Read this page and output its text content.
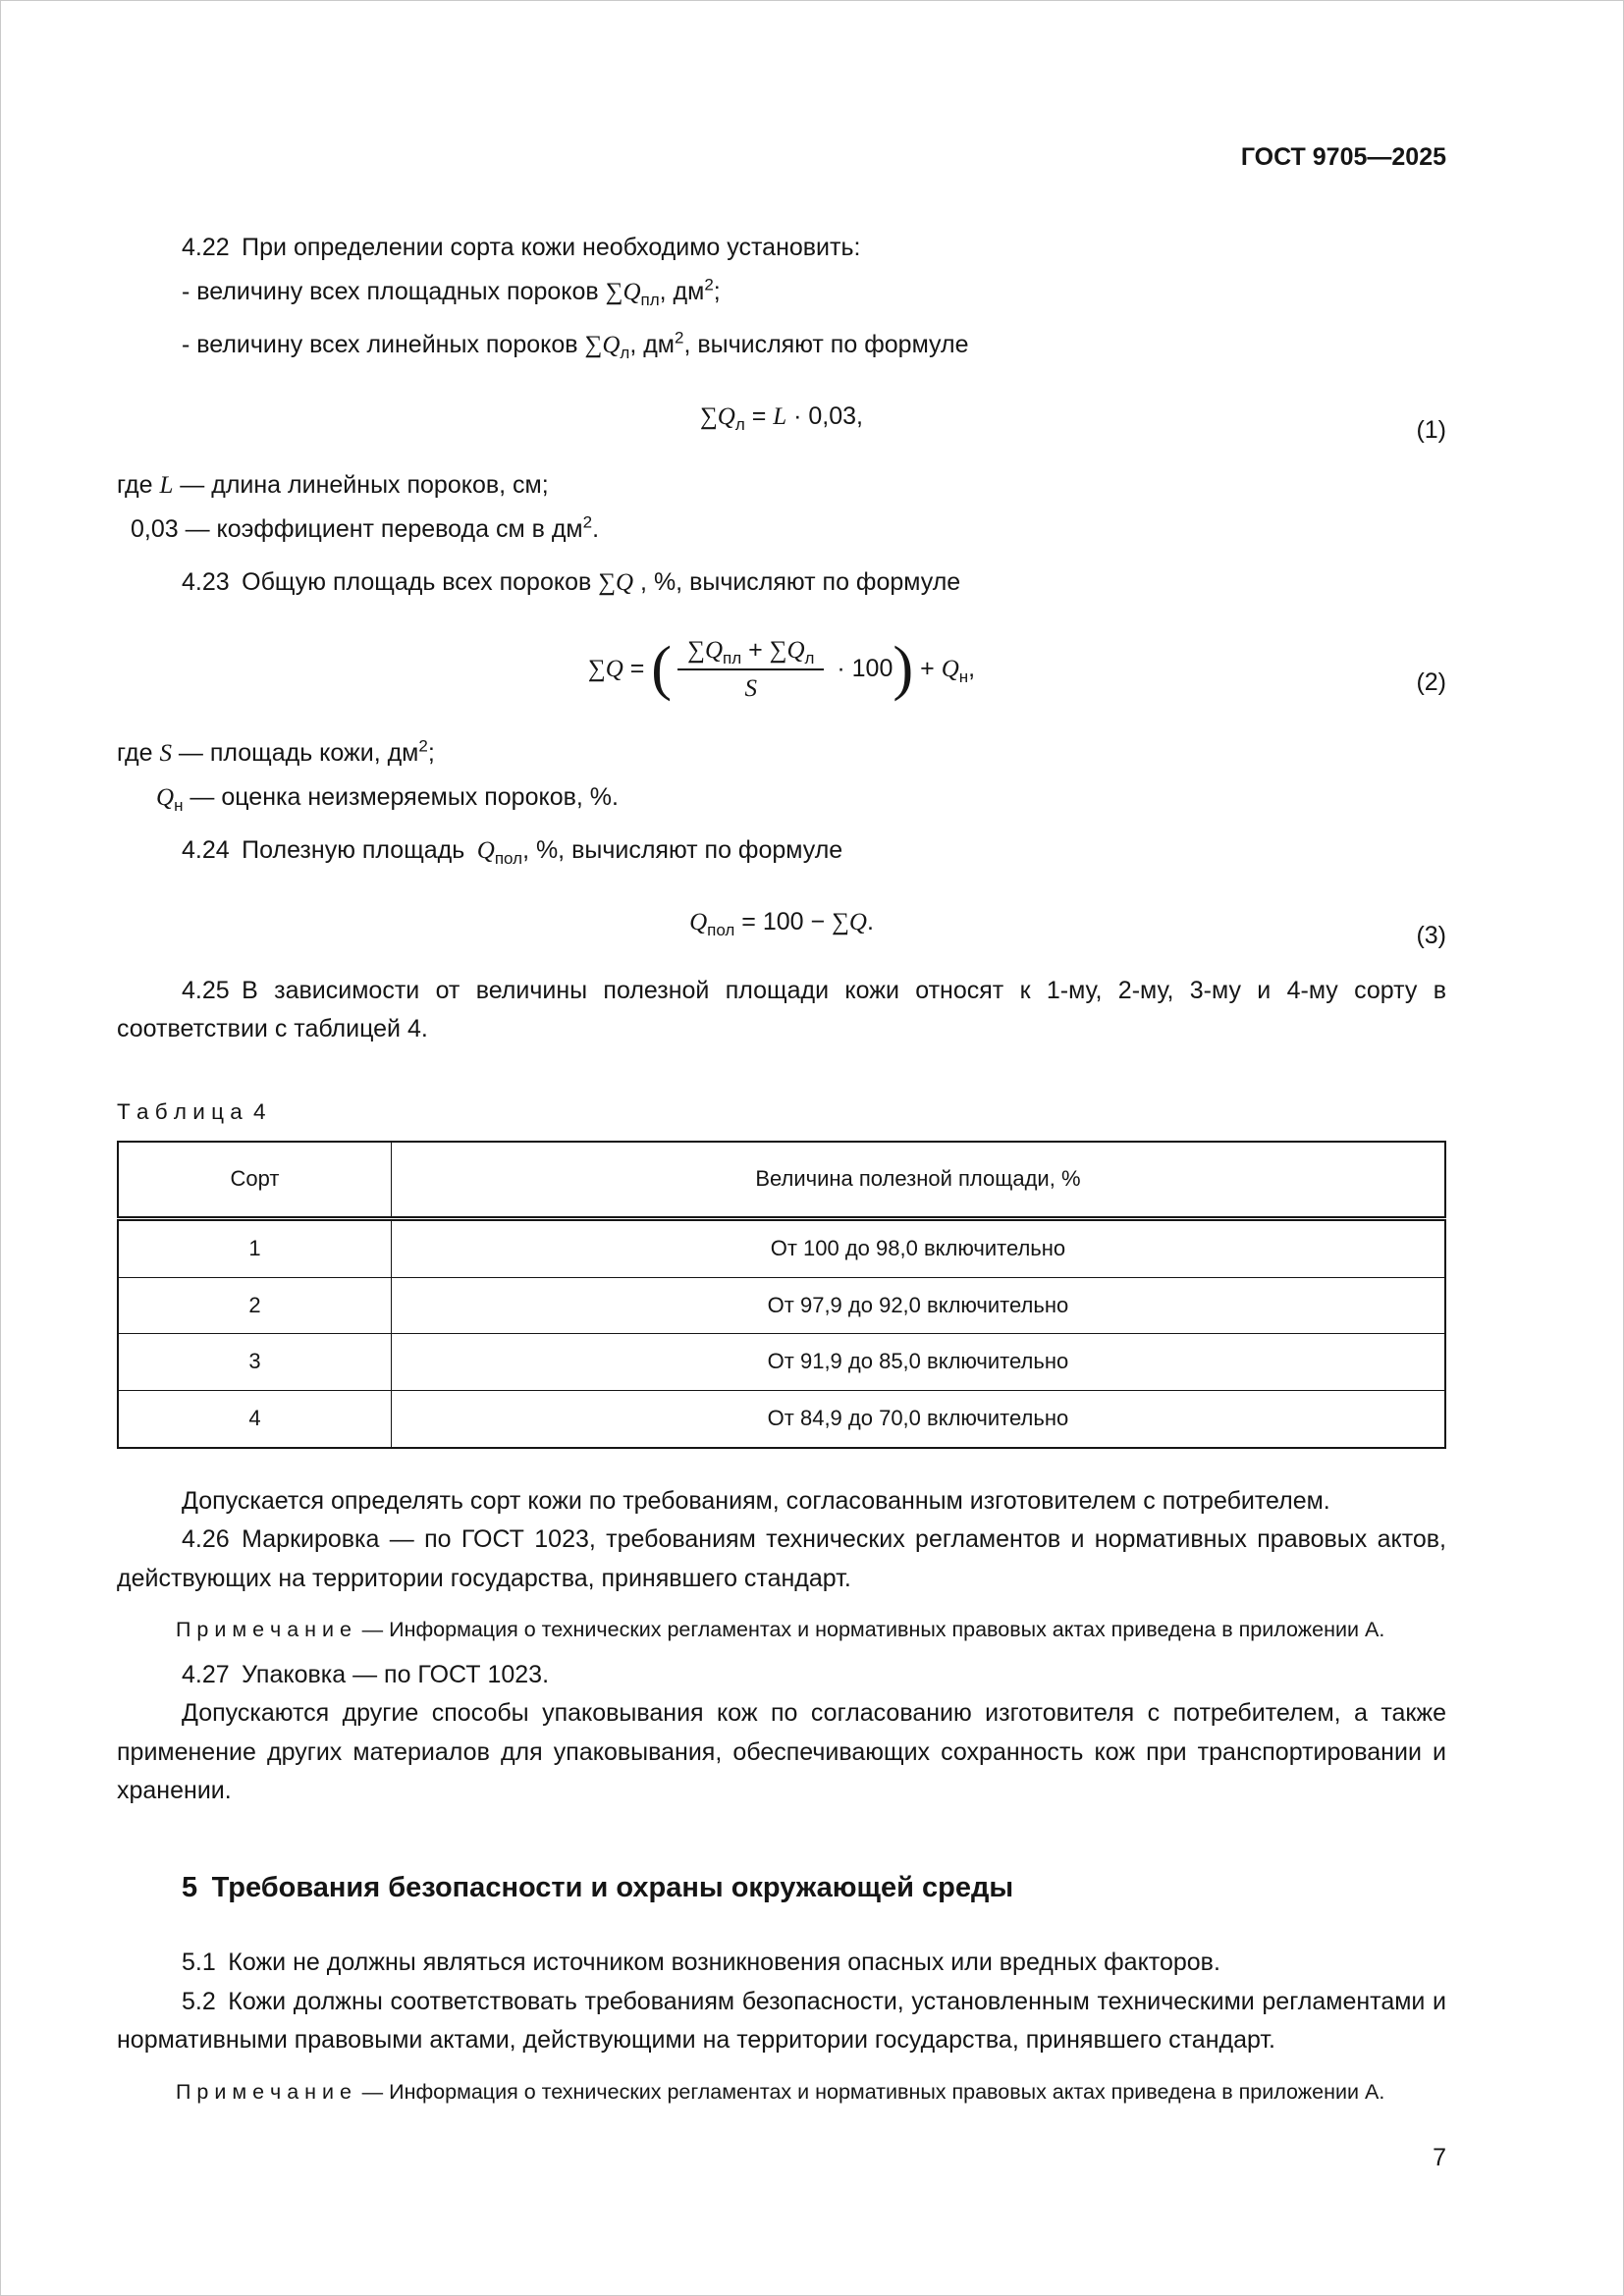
ГОСТ 9705—2025

4.22 При определении сорта кожи необходимо установить:

- величину всех площадных пороков $\sum Q_{пл}$, $дм^2$;

- величину всех линейных пороков $\sum Q_л$, $дм^2$, вычисляют по формуле

$\sum Q_л = L \cdot 0,03$,	(1)

где L — длина линейных пороков, см;

0,03 — коэффициент перевода см в $дм^2$.

4.23 Общую площадь всех пороков ∑Q , %, вычисляют по формуле

∑Q = ( $\frac{\sum Q_{пл} + \sum Q_л}{S} \cdot 100) + Q_н$,
(2)

где S — площадь кожи, $дм^2$;

$Q_н$ — оценка неизмеряемых пороков, %.

4.24 Полезную площадь $Q_{пол}$, %, вычисляют по формуле

$Q_{пол} = 100 - \sum Q$.	(3)

4.25 В зависимости от величины полезной площади кожи относят к 1-му, 2-му, 3-му и 4-му сорту в соответствии с таблицей 4.

Т а б л и ц а 4
Сорт	Величина полезной площади, %
1	От 100 до 98,0 включительно
2	От 97,9 до 92,0 включительно
3	От 91,9 до 85,0 включительно
4	От 84,9 до 70,0 включительно

Допускается определять сорт кожи по требованиям, согласованным изготовителем с потребителем.

4.26 Маркировка — по ГОСТ 1023, требованиям технических регламентов и нормативных правовых актов, действующих на территории государства, принявшего стандарт.

П р и м е ч а н и е — Информация о технических регламентах и нормативных правовых актах приведена в приложении А.

4.27 Упаковка — по ГОСТ 1023.

Допускаются другие способы упаковывания кож по согласованию изготовителя с потребителем, а также применение других материалов для упаковывания, обеспечивающих сохранность кож при транспортировании и хранении.

5 Требования безопасности и охраны окружающей среды

5.1 Кожи не должны являться источником возникновения опасных или вредных факторов.

5.2 Кожи должны соответствовать требованиям безопасности, установленным техническими регламентами и нормативными правовыми актами, действующими на территории государства, принявшего стандарт.

П р и м е ч а н и е — Информация о технических регламентах и нормативных правовых актах приведена в приложении А.

7
